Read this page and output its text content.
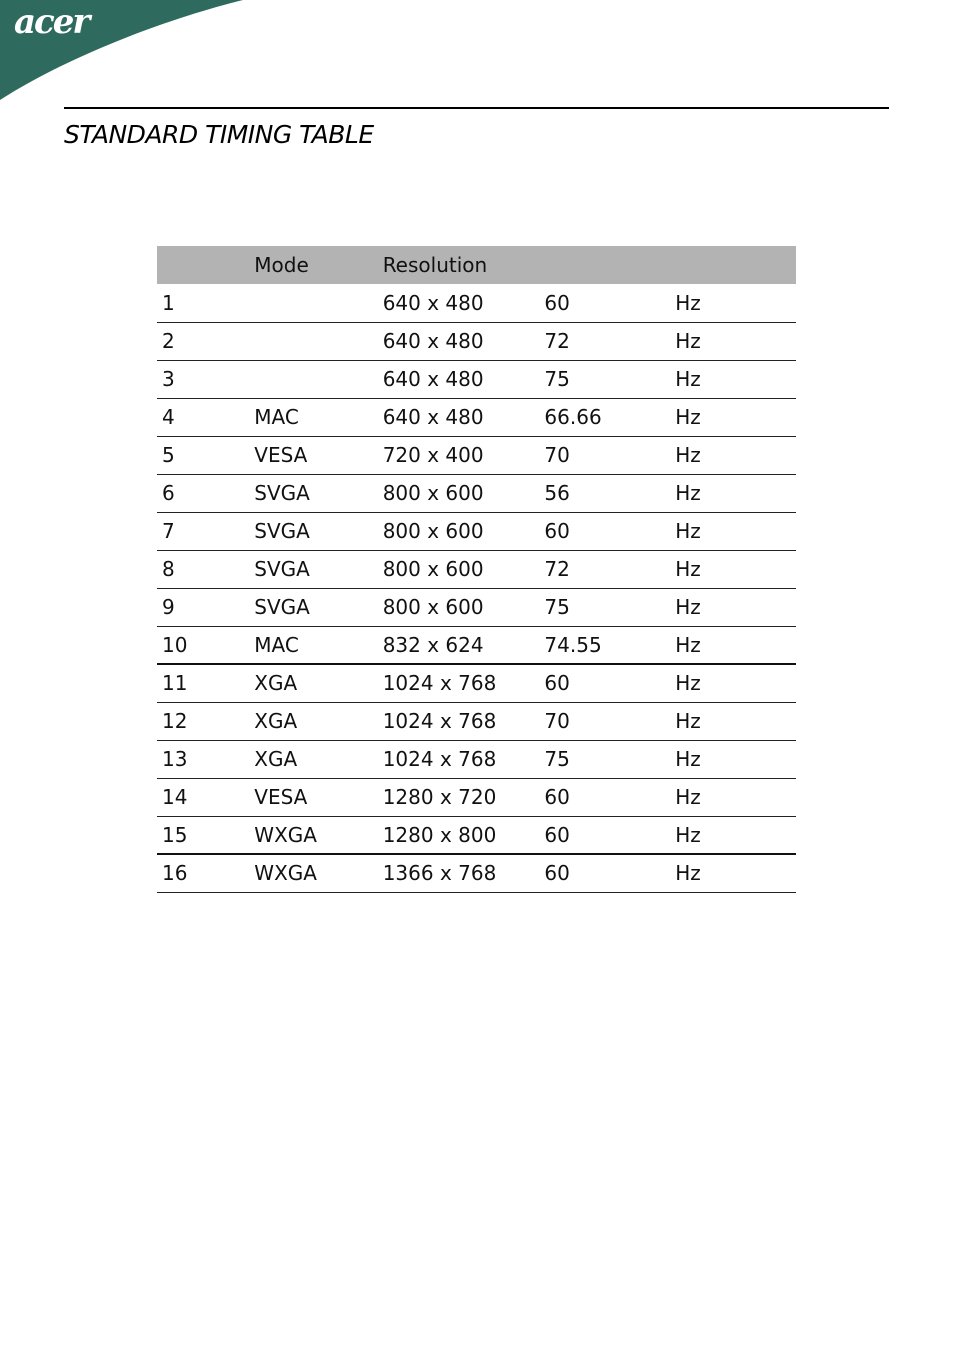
acer
STANDARD TIMING TABLE
	Mode	Resolution		
1		640 x 480	60	Hz
2		640 x 480	72	Hz
3		640 x 480	75	Hz
4	MAC	640 x 480	66.66	Hz
5	VESA	720 x 400	70	Hz
6	SVGA	800 x 600	56	Hz
7	SVGA	800 x 600	60	Hz
8	SVGA	800 x 600	72	Hz
9	SVGA	800 x 600	75	Hz
10	MAC	832 x 624	74.55	Hz
11	XGA	1024 x 768	60	Hz
12	XGA	1024 x 768	70	Hz
13	XGA	1024 x 768	75	Hz
14	VESA	1280 x 720	60	Hz
15	WXGA	1280 x 800	60	Hz
16	WXGA	1366 x 768	60	Hz
